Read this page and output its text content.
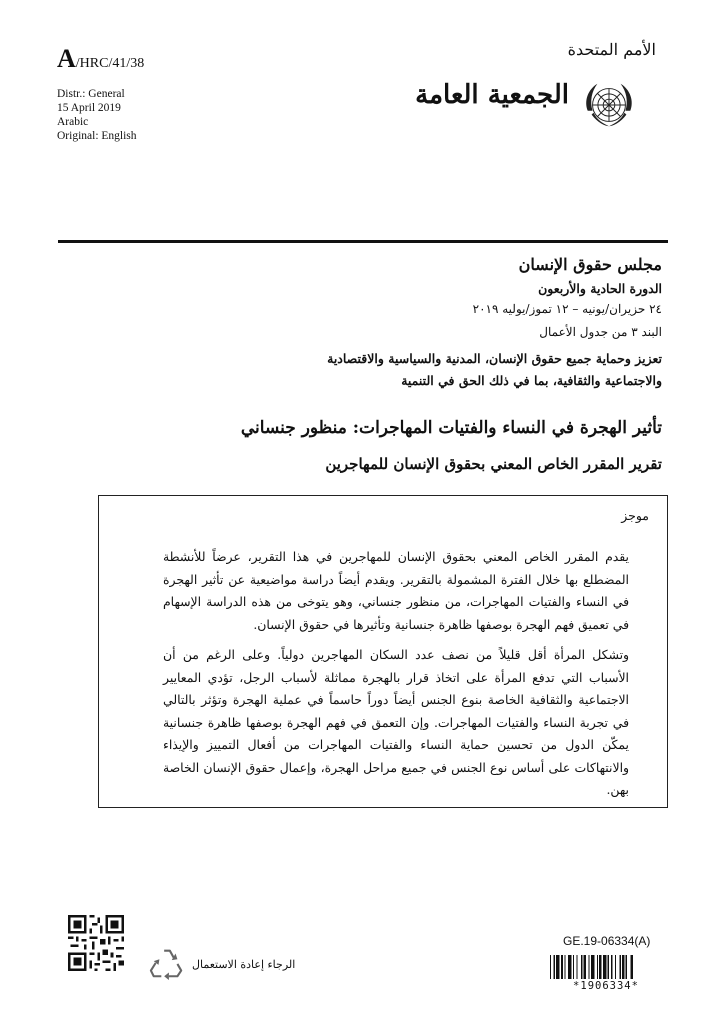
A/HRC/41/38
Distr.: General
15 April 2019
Arabic
Original: English
الأمم المتحدة
الجمعية العامة
مجلس حقوق الإنسان
الدورة الحادية والأربعون
٢٤ حزيران/يونيه – ١٢ تموز/يوليه ٢٠١٩
البند ٣ من جدول الأعمال
تعزيز وحماية جميع حقوق الإنسان، المدنية والسياسية والاقتصادية
والاجتماعية والثقافية، بما في ذلك الحق في التنمية
تأثير الهجرة في النساء والفتيات المهاجرات: منظور جنساني
تقرير المقرر الخاص المعني بحقوق الإنسان للمهاجرين
موجز

يقدم المقرر الخاص المعني بحقوق الإنسان للمهاجرين في هذا التقرير، عرضاً للأنشطة المضطلع بها خلال الفترة المشمولة بالتقرير. ويقدم أيضاً دراسة مواضيعية عن تأثير الهجرة في النساء والفتيات المهاجرات، من منظور جنساني، وهو يتوخى من هذه الدراسة الإسهام في تعميق فهم الهجرة بوصفها ظاهرة جنسانية وتأثيرها في حقوق الإنسان.

وتشكل المرأة أقل قليلاً من نصف عدد السكان المهاجرين دولياً. وعلى الرغم من أن الأسباب التي تدفع المرأة على اتخاذ قرار بالهجرة مماثلة لأسباب الرجل، تؤدي المعايير الاجتماعية والثقافية الخاصة بنوع الجنس أيضاً دوراً حاسماً في عملية الهجرة وتؤثر بالتالي في تجربة النساء والفتيات المهاجرات. وإن التعمق في فهم الهجرة بوصفها ظاهرة جنسانية يمكّن الدول من تحسين حماية النساء والفتيات المهاجرات من أفعال التمييز والإيذاء والانتهاكات على أساس نوع الجنس في جميع مراحل الهجرة، وإعمال حقوق الإنسان الخاصة بهن.

الرجاء إعادة الاستعمال
GE.19-06334(A)
*1906334*
